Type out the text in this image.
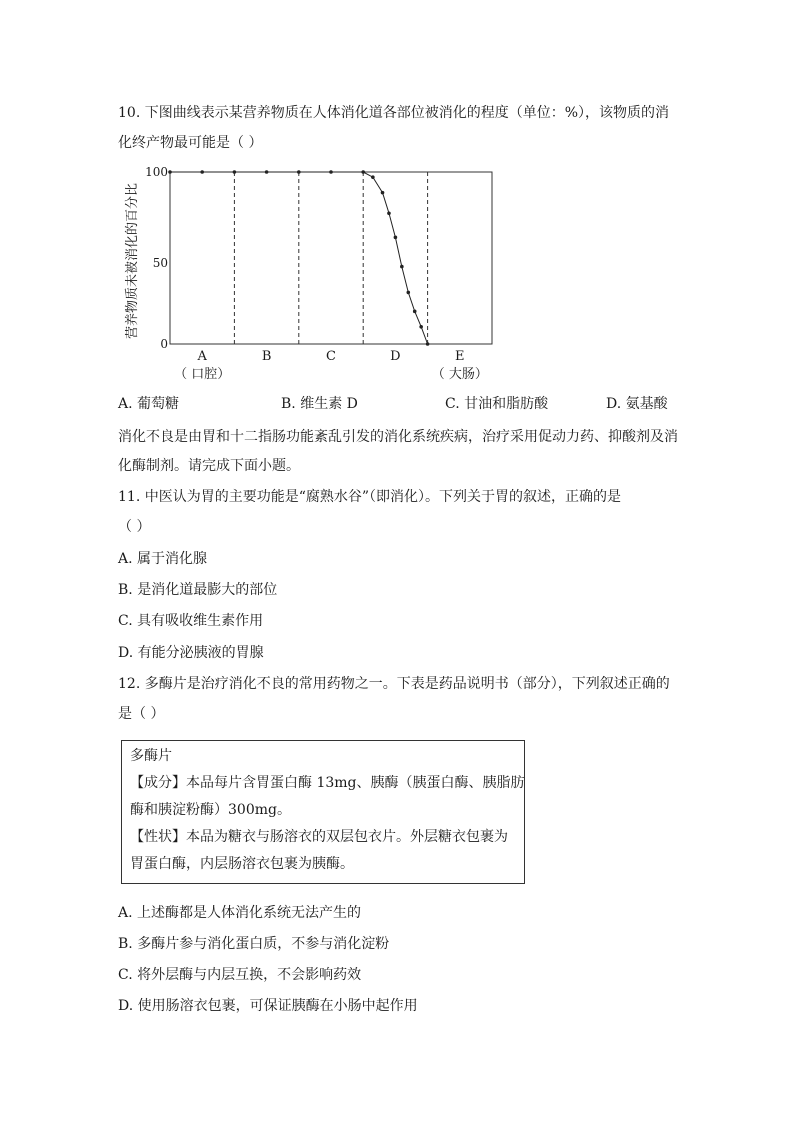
10. 下图曲线表示某营养物质在人体消化道各部位被消化的程度（单位：%），该物质的消
化终产物最可能是（ ）
营养物质未被消化的百分比
100
50
0
A
（ 口腔）
B	C	D	E
（ 大肠）
A. 葡萄糖	B. 维生素 D	C. 甘油和脂肪酸	D. 氨基酸
消化不良是由胃和十二指肠功能紊乱引发的消化系统疾病，治疗采用促动力药、抑酸剂及消
化酶制剂。请完成下面小题。
11. 中医认为胃的主要功能是“腐熟水谷”（即消化）。下列关于胃的叙述，正确的是
（ ）
A. 属于消化腺
B. 是消化道最膨大的部位
C. 具有吸收维生素作用
D. 有能分泌胰液的胃腺
12. 多酶片是治疗消化不良的常用药物之一。下表是药品说明书（部分），下列叙述正确的
是（ ）
多酶片
【成分】本品每片含胃蛋白酶 13mg、胰酶（胰蛋白酶、胰脂肪
酶和胰淀粉酶）300mg。
【性状】本品为糖衣与肠溶衣的双层包衣片。外层糖衣包裹为
胃蛋白酶，内层肠溶衣包裹为胰酶。
A. 上述酶都是人体消化系统无法产生的
B. 多酶片参与消化蛋白质，不参与消化淀粉
C. 将外层酶与内层互换，不会影响药效
D. 使用肠溶衣包裹，可保证胰酶在小肠中起作用
